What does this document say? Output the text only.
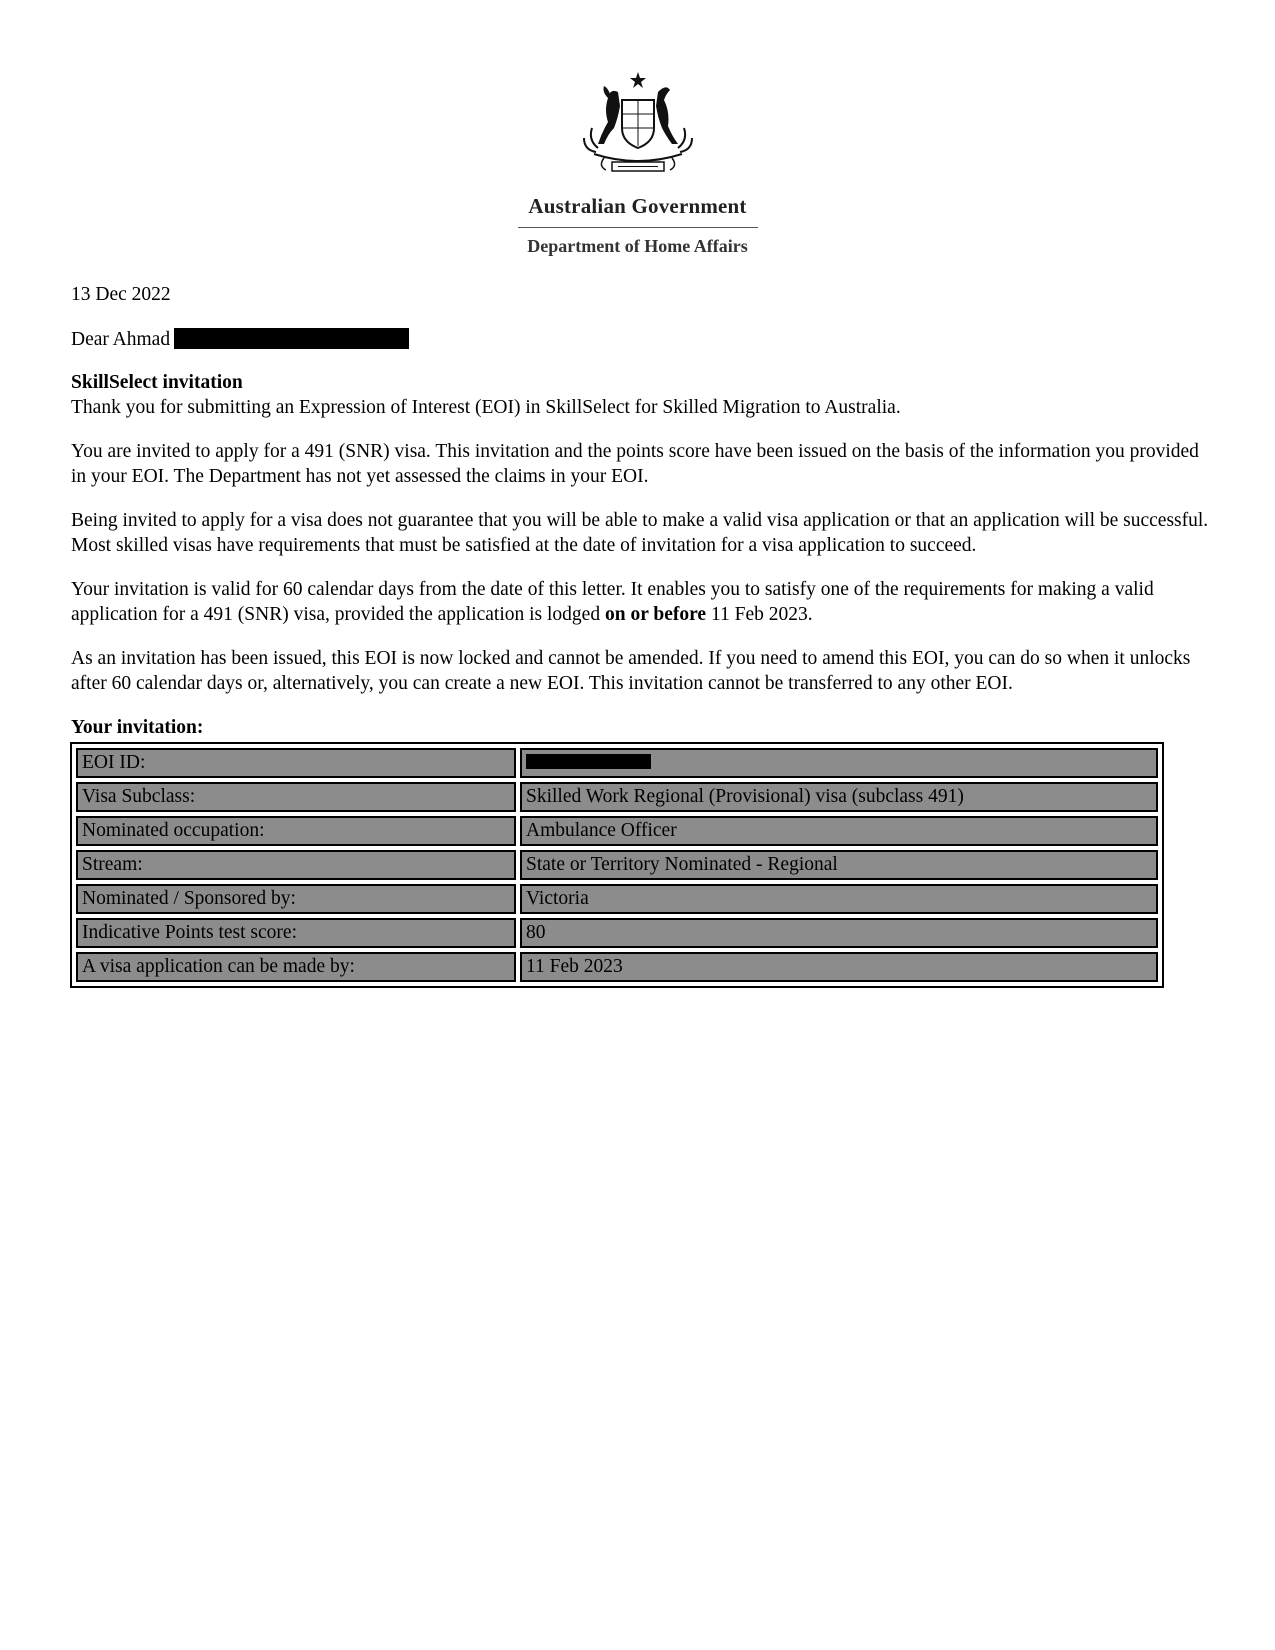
Australian Government
Department of Home Affairs

13 Dec 2022

Dear Ahmad

SkillSelect invitation
Thank you for submitting an Expression of Interest (EOI) in SkillSelect for Skilled Migration to Australia.

You are invited to apply for a 491 (SNR) visa. This invitation and the points score have been issued on the basis of the information you provided in your EOI. The Department has not yet assessed the claims in your EOI.

Being invited to apply for a visa does not guarantee that you will be able to make a valid visa application or that an application will be successful. Most skilled visas have requirements that must be satisfied at the date of invitation for a visa application to succeed.

Your invitation is valid for 60 calendar days from the date of this letter. It enables you to satisfy one of the requirements for making a valid application for a 491 (SNR) visa, provided the application is lodged on or before 11 Feb 2023.

As an invitation has been issued, this EOI is now locked and cannot be amended. If you need to amend this EOI, you can do so when it unlocks after 60 calendar days or, alternatively, you can create a new EOI. This invitation cannot be transferred to any other EOI.

Your invitation:

EOI ID:	
Visa Subclass:	Skilled Work Regional (Provisional) visa (subclass 491)
Nominated occupation:	Ambulance Officer
Stream:	State or Territory Nominated - Regional
Nominated / Sponsored by:	Victoria
Indicative Points test score:	80
A visa application can be made by:	11 Feb 2023
